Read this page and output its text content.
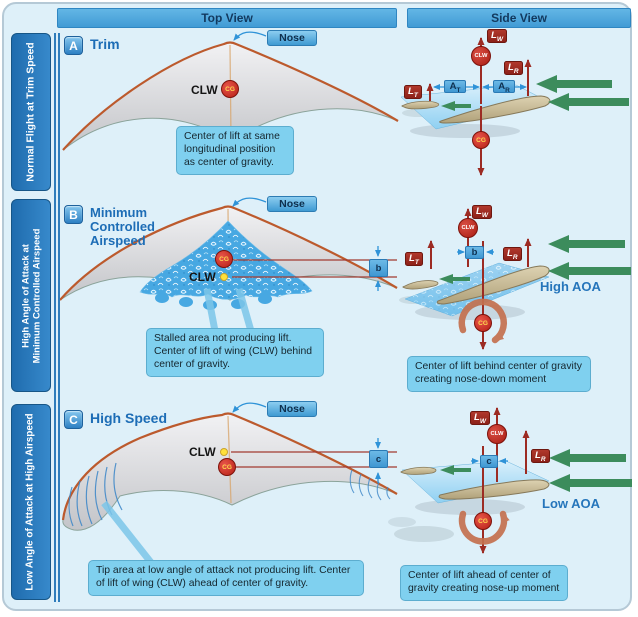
Top View	Side View
Normal Flight at Trim Speed
High Angle of Attack at Minimum Controlled Airspeed
Low Angle of Attack at High Airspeed
A Trim	Nose
CLW	CG
Center of lift at same longitudinal position as center of gravity.
$L_W$
CLW
$L_R$
$L_T$
$A_T$	$A_R$
CG
B Minimum Controlled Airspeed
Nose
CG
CLW
b
Stalled area not producing lift. Center of lift of wing (CLW) behind center of gravity.
$L_W$
CLW
b
$L_T$
$L_R$
High AOA
CG
Center of lift behind center of gravity creating nose-down moment
C High Speed
Nose
CLW
CG
c
Tip area at low angle of attack not producing lift. Center of lift of wing (CLW) ahead of center of gravity.
$L_W$
CLW
c
$L_R$
Low AOA
CG
Center of lift ahead of center of gravity creating nose-up moment
